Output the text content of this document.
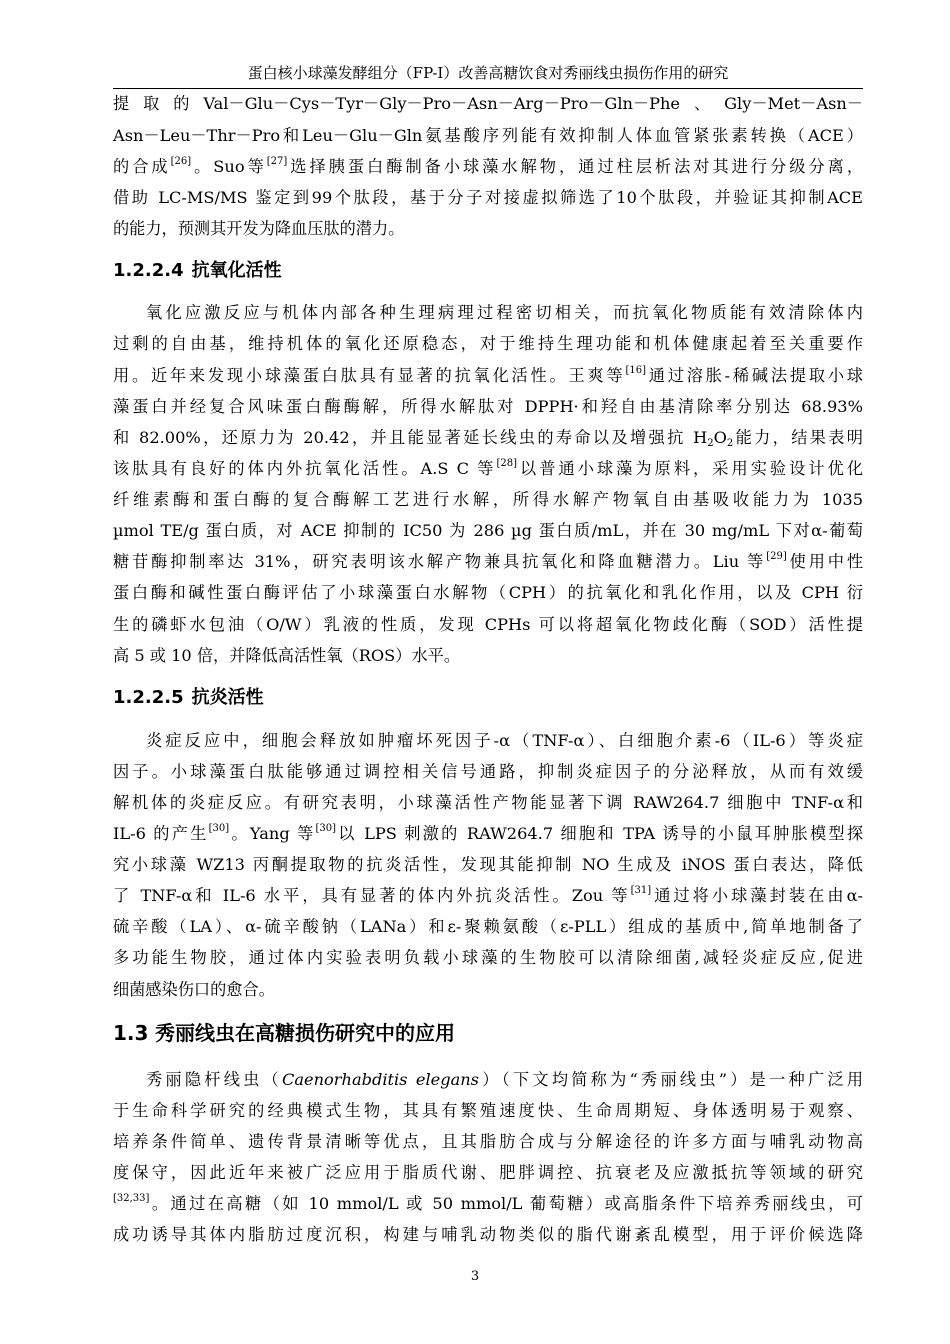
蛋白核小球藻发酵组分（FP-I）改善高糖饮食对秀丽线虫损伤作用的研究
提取的Val－Glu－Cys－Tyr－Gly－Pro－Asn－Arg－Pro－Gln－Phe、Gly－Met－Asn－
Asn－Leu－Thr－Pro和Leu－Glu－Gln氨基酸序列能有效抑制人体血管紧张素转换（ACE）
的合成[26]。Suo等[27]选择胰蛋白酶制备小球藻水解物，通过柱层析法对其进行分级分离，
借助 LC-MS/MS 鉴定到99个肽段，基于分子对接虚拟筛选了10个肽段，并验证其抑制ACE
的能力，预测其开发为降血压肽的潜力。
1.2.2.4 抗氧化活性
氧化应激反应与机体内部各种生理病理过程密切相关，而抗氧化物质能有效清除体内
过剩的自由基，维持机体的氧化还原稳态，对于维持生理功能和机体健康起着至关重要作
用。近年来发现小球藻蛋白肽具有显著的抗氧化活性。王爽等[16]通过溶胀-稀碱法提取小球
藻蛋白并经复合风味蛋白酶酶解，所得水解肽对 DPPH·和羟自由基清除率分别达 68.93%
和 82.00%，还原力为 20.42，并且能显著延长线虫的寿命以及增强抗 $H_2O_2$能力，结果表明
该肽具有良好的体内外抗氧化活性。A.S C 等[28]以普通小球藻为原料，采用实验设计优化
纤维素酶和蛋白酶的复合酶解工艺进行水解，所得水解产物氧自由基吸收能力为 1035
µmol TE/g 蛋白质，对 ACE 抑制的 IC50 为 286 µg 蛋白质/mL，并在 30 mg/mL 下对α-葡萄
糖苷酶抑制率达 31%，研究表明该水解产物兼具抗氧化和降血糖潜力。Liu 等[29]使用中性
蛋白酶和碱性蛋白酶评估了小球藻蛋白水解物（CPH）的抗氧化和乳化作用，以及 CPH 衍
生的磷虾水包油（O/W）乳液的性质，发现 CPHs 可以将超氧化物歧化酶（SOD）活性提
高 5 或 10 倍，并降低高活性氧（ROS）水平。
1.2.2.5 抗炎活性
炎症反应中，细胞会释放如肿瘤坏死因子-α（TNF-α）、白细胞介素-6（IL-6）等炎症
因子。小球藻蛋白肽能够通过调控相关信号通路，抑制炎症因子的分泌释放，从而有效缓
解机体的炎症反应。有研究表明，小球藻活性产物能显著下调 RAW264.7 细胞中 TNF-α和
IL-6 的产生[30]。Yang 等[30]以 LPS 刺激的 RAW264.7 细胞和 TPA 诱导的小鼠耳肿胀模型探
究小球藻 WZ13 丙酮提取物的抗炎活性，发现其能抑制 NO 生成及 iNOS 蛋白表达，降低
了 TNF-α和 IL-6 水平，具有显著的体内外抗炎活性。Zou 等[31]通过将小球藻封装在由α-
硫辛酸（LA）、α-硫辛酸钠（LANa）和ε-聚赖氨酸（ε-PLL）组成的基质中,简单地制备了
多功能生物胶，通过体内实验表明负载小球藻的生物胶可以清除细菌,减轻炎症反应,促进
细菌感染伤口的愈合。
1.3 秀丽线虫在高糖损伤研究中的应用
秀丽隐杆线虫（Caenorhabditis elegans）（下文均简称为“秀丽线虫”）是一种广泛用
于生命科学研究的经典模式生物，其具有繁殖速度快、生命周期短、身体透明易于观察、
培养条件简单、遗传背景清晰等优点，且其脂肪合成与分解途径的许多方面与哺乳动物高
度保守，因此近年来被广泛应用于脂质代谢、肥胖调控、抗衰老及应激抵抗等领域的研究
[32,33]。通过在高糖（如 10 mmol/L 或 50 mmol/L 葡萄糖）或高脂条件下培养秀丽线虫，可
成功诱导其体内脂肪过度沉积，构建与哺乳动物类似的脂代谢紊乱模型，用于评价候选降
3
